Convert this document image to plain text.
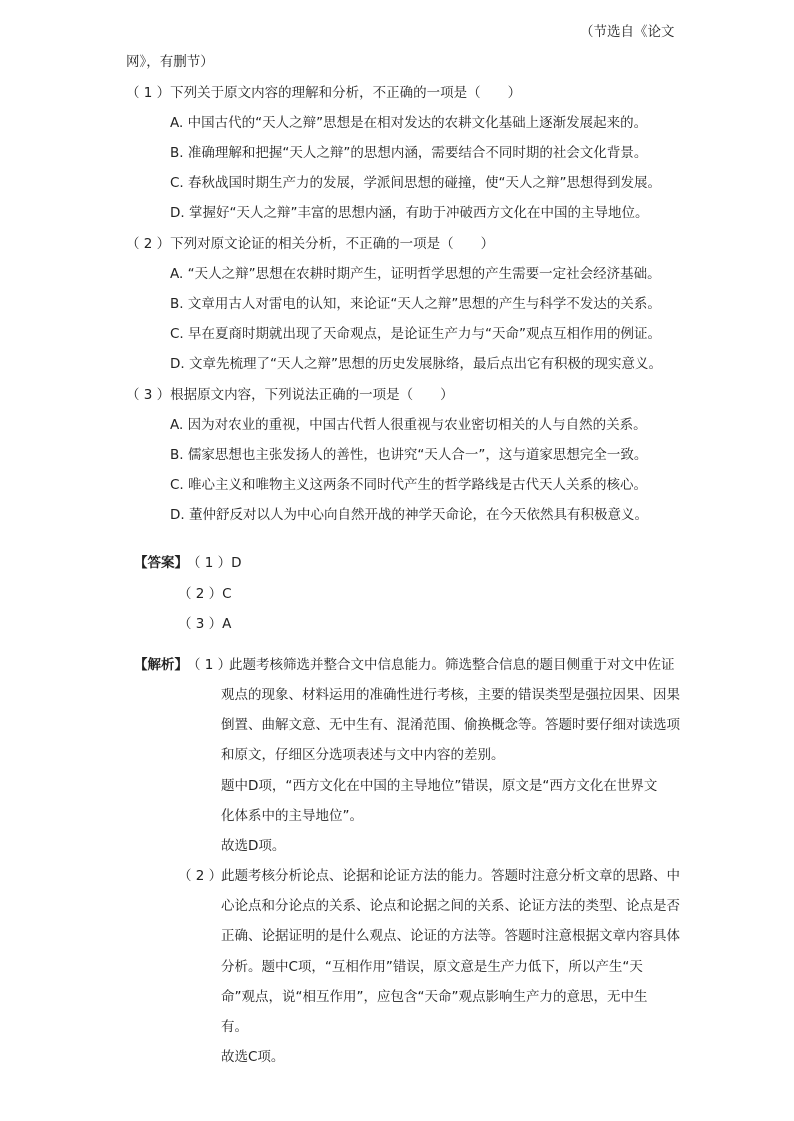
（节选自《论文
网》，有删节）
（ 1 ）下列关于原文内容的理解和分析，不正确的一项是（　　）
A. 中国古代的“天人之辩”思想是在相对发达的农耕文化基础上逐渐发展起来的。
B. 准确理解和把握“天人之辩”的思想内涵，需要结合不同时期的社会文化背景。
C. 春秋战国时期生产力的发展，学派间思想的碰撞，使“天人之辩”思想得到发展。
D. 掌握好“天人之辩”丰富的思想内涵，有助于冲破西方文化在中国的主导地位。
（ 2 ）下列对原文论证的相关分析，不正确的一项是（　　）
A. “天人之辩”思想在农耕时期产生，证明哲学思想的产生需要一定社会经济基础。
B. 文章用古人对雷电的认知，来论证“天人之辩”思想的产生与科学不发达的关系。
C. 早在夏商时期就出现了天命观点，是论证生产力与“天命”观点互相作用的例证。
D. 文章先梳理了“天人之辩”思想的历史发展脉络，最后点出它有积极的现实意义。
（ 3 ）根据原文内容，下列说法正确的一项是（　　）
A. 因为对农业的重视，中国古代哲人很重视与农业密切相关的人与自然的关系。
B. 儒家思想也主张发扬人的善性，也讲究“天人合一”，这与道家思想完全一致。
C. 唯心主义和唯物主义这两条不同时代产生的哲学路线是古代天人关系的核心。
D. 董仲舒反对以人为中心向自然开战的神学天命论，在今天依然具有积极意义。
【答案】 （ 1 ）D
（ 2 ）C
（ 3 ）A
【解析】 （ 1 ）
此题考核筛选并整合文中信息能力。筛选整合信息的题目侧重于对文中佐证
观点的现象、材料运用的准确性进行考核，主要的错误类型是强拉因果、因果
倒置、曲解文意、无中生有、混淆范围、偷换概念等。答题时要仔细对读选项
和原文，仔细区分选项表述与文中内容的差别。
题中D项，“西方文化在中国的主导地位”错误，原文是“西方文化在世界文
化体系中的主导地位”。
故选D项。
（ 2 ）
此题考核分析论点、论据和论证方法的能力。答题时注意分析文章的思路、中
心论点和分论点的关系、论点和论据之间的关系、论证方法的类型、论点是否
正确、论据证明的是什么观点、论证的方法等。答题时注意根据文章内容具体
分析。题中C项，“互相作用”错误，原文意是生产力低下，所以产生“天
命”观点，说“相互作用”，应包含“天命”观点影响生产力的意思，无中生
有。
故选C项。
